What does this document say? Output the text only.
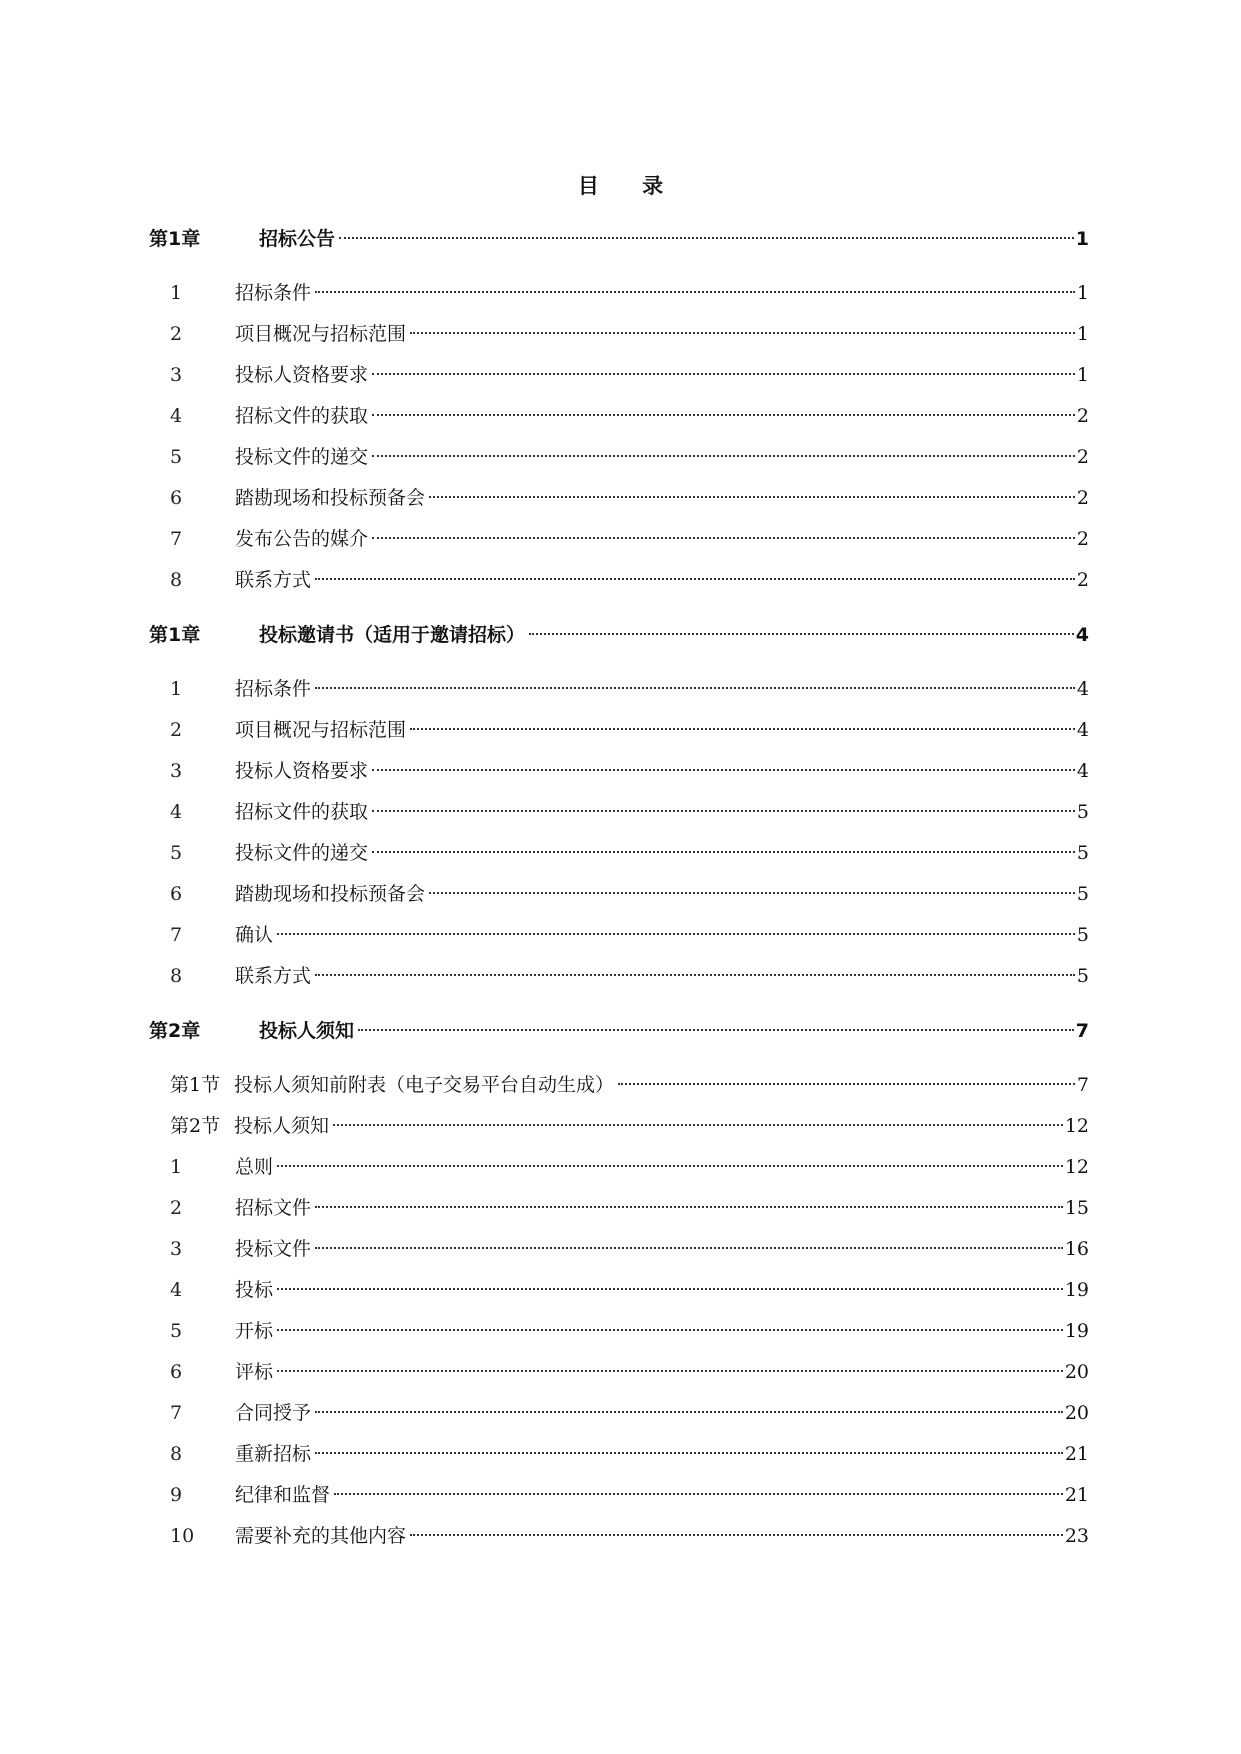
目 录
第1章	招标公告	1
1	招标条件	1
2	项目概况与招标范围	1
3	投标人资格要求	1
4	招标文件的获取	2
5	投标文件的递交	2
6	踏勘现场和投标预备会	2
7	发布公告的媒介	2
8	联系方式	2
第1章	投标邀请书（适用于邀请招标）	4
1	招标条件	4
2	项目概况与招标范围	4
3	投标人资格要求	4
4	招标文件的获取	5
5	投标文件的递交	5
6	踏勘现场和投标预备会	5
7	确认	5
8	联系方式	5
第2章	投标人须知	7
第1节 投标人须知前附表（电子交易平台自动生成）	7
第2节 投标人须知	12
1	总则	12
2	招标文件	15
3	投标文件	16
4	投标	19
5	开标	19
6	评标	20
7	合同授予	20
8	重新招标	21
9	纪律和监督	21
10	需要补充的其他内容	23
